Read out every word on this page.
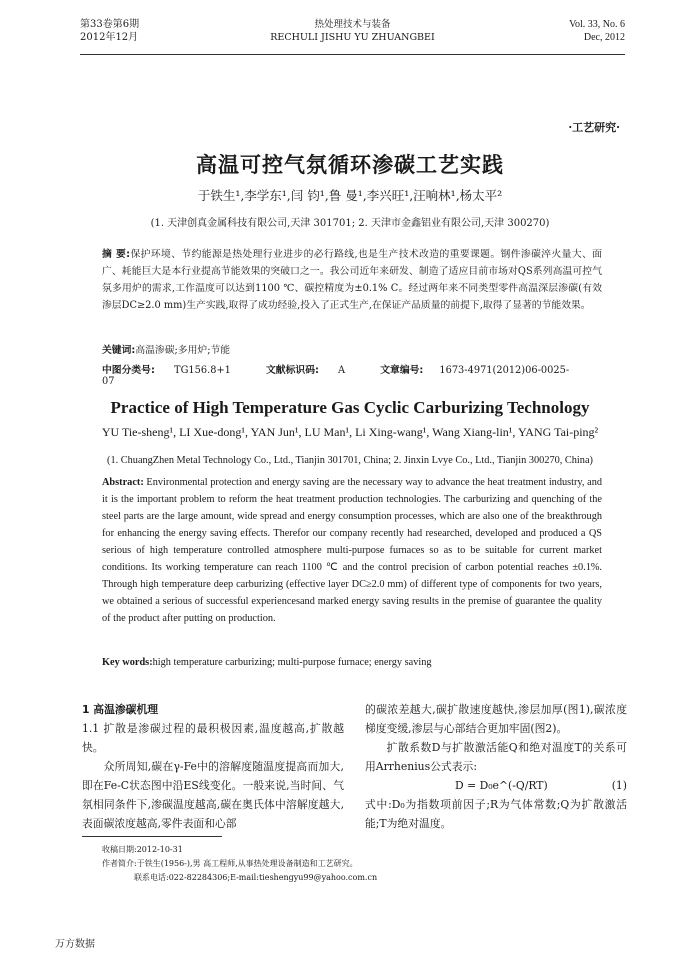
第33卷第6期
2012年12月
热处理技术与装备
RECHULI JISHU YU ZHUANGBEI
Vol. 33, No. 6
Dec, 2012
·工艺研究·
高温可控气氛循环渗碳工艺实践
于铁生¹,李学东¹,闫 钧¹,鲁 曼¹,李兴旺¹,汪响林¹,杨太平²
(1. 天津创真金属科技有限公司,天津 301701; 2. 天津市金鑫铝业有限公司,天津 300270)
摘 要:保护环境、节约能源是热处理行业进步的必行路线,也是生产技术改造的重要课题。钢件渗碳淬火量大、面广、耗能巨大是本行业提高节能效果的突破口之一。我公司近年来研发、制造了适应目前市场对QS系列高温可控气氛多用炉的需求,工作温度可以达到1100 ℃、碳控精度为±0.1% C。经过两年来不同类型零件高温深层渗碳(有效渗层DC≥2.0 mm)生产实践,取得了成功经验,投入了正式生产,在保证产品质量的前提下,取得了显著的节能效果。
关键词:高温渗碳;多用炉;节能
中图分类号: TG156.8+1	文献标识码: A	文章编号: 1673-4971(2012)06-0025-07
Practice of High Temperature Gas Cyclic Carburizing Technology
YU Tie-sheng¹, LI Xue-dong¹, YAN Jun¹, LU Man¹, Li Xing-wang¹, Wang Xiang-lin¹, YANG Tai-ping²
(1. ChuangZhen Metal Technology Co., Ltd., Tianjin 301701, China; 2. Jinxin Lvye Co., Ltd., Tianjin 300270, China)
Abstract: Environmental protection and energy saving are the necessary way to advance the heat treatment industry, and it is the important problem to reform the heat treatment production technologies. The carburizing and quenching of the steel parts are the large amount, wide spread and energy consumption processes, which are also one of the breakthrough for enhancing the energy saving effects. Therefor our company recently had researched, developed and produced a QS serious of high temperature controlled atmosphere multi-purpose furnaces so as to be suitable for current market conditions. Its working temperature can reach 1100 ℃ and the control precision of carbon potential reaches ±0.1%. Through high temperature deep carburizing (effective layer DC≥2.0 mm) of different type of components for two years, we obtained a serious of successful experiencesand marked energy saving results in the premise of guarantee the quality of the product after putting on production.
Key words:high temperature carburizing; multi-purpose furnace; energy saving
1 高温渗碳机理
1.1 扩散是渗碳过程的最积极因素,温度越高,扩散越快。
众所周知,碳在γ-Fe中的溶解度随温度提高而加大,即在Fe-C状态图中沿ES线变化。一般来说,当时间、气氛相同条件下,渗碳温度越高,碳在奥氏体中溶解度越大,表面碳浓度越高,零件表面和心部
的碳浓差越大,碳扩散速度越快,渗层加厚(图1),碳浓度梯度变缓,渗层与心部结合更加牢固(图2)。
扩散系数D与扩散激活能Q和绝对温度T的关系可用Arrhenius公式表示:
D = D₀e^(-Q/RT)	(1)
式中:D₀为指数项前因子;R为气体常数;Q为扩散激活能;T为绝对温度。
收稿日期:2012-10-31
作者简介:于铁生(1956-),男 高工程师,从事热处理设备制造和工艺研究。
联系电话:022-82284306;E-mail:tieshengyu99@yahoo.com.cn
万方数据
